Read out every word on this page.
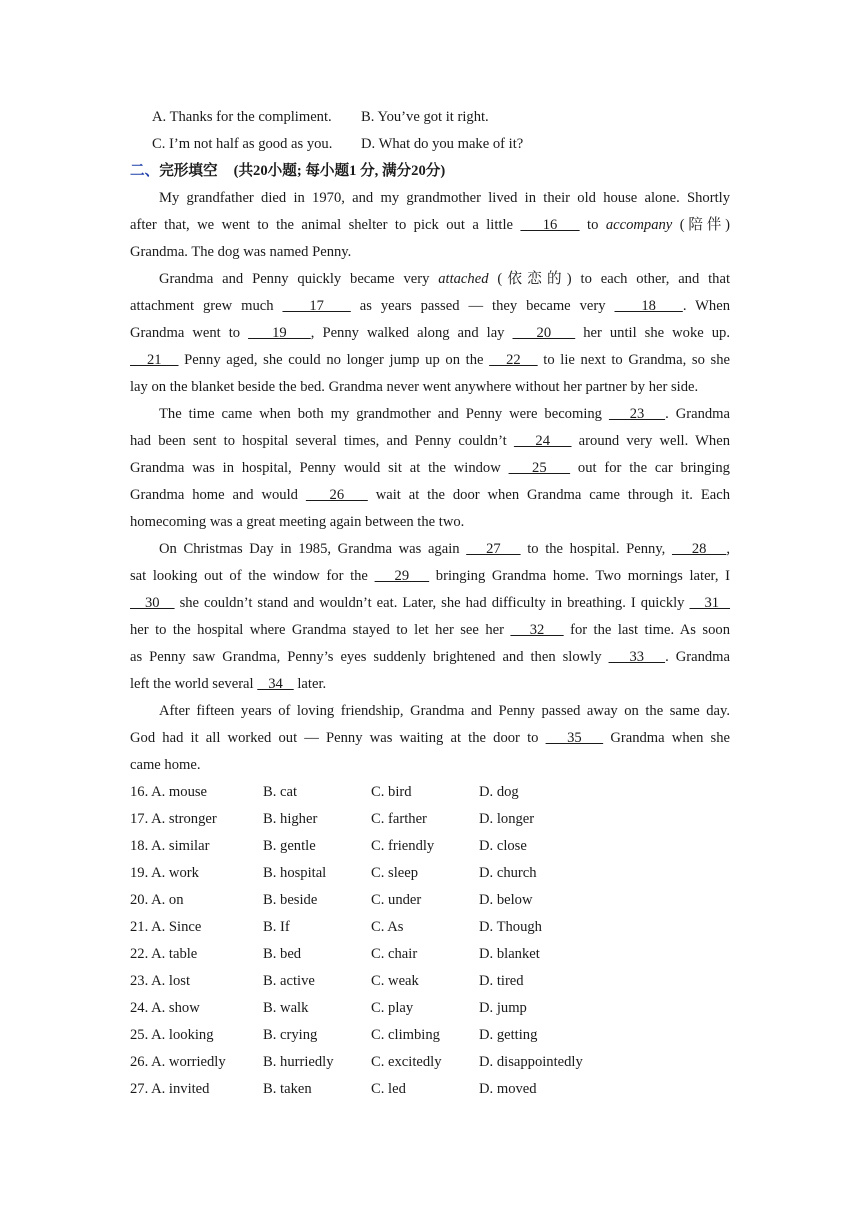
A. Thanks for the compliment. B. You’ve got it right.
C. I’m not half as good as you. D. What do you make of it?
二、完形填空 (共20小题; 每小题1 分, 满分20分)
My grandfather died in 1970, and my grandmother lived in their old house alone. Shortly
after that, we went to the animal shelter to pick out a little    16    to accompany (陪伴)
Grandma. The dog was named Penny.
Grandma and Penny quickly became very attached (依恋的) to each other, and that
attachment grew much    17    as years passed — they became very    18   . When
Grandma went to    19   , Penny walked along and lay    20    her until she woke up.
21    Penny aged, she could no longer jump up on the    22    to lie next to Grandma, so she
lay on the blanket beside the bed. Grandma never went anywhere without her partner by her side.
The time came when both my grandmother and Penny were becoming    23   . Grandma
had been sent to hospital several times, and Penny couldn’t    24    around very well. When
Grandma was in hospital, Penny would sit at the window    25    out for the car bringing
Grandma home and would    26    wait at the door when Grandma came through it. Each
homecoming was a great meeting again between the two.
On Christmas Day in 1985, Grandma was again    27    to the hospital. Penny,    28   ,
sat looking out of the window for the    29    bringing Grandma home. Two mornings later, I
30    she couldn’t stand and wouldn’t eat. Later, she had difficulty in breathing. I quickly    31
her to the hospital where Grandma stayed to let her see her    32    for the last time. As soon
as Penny saw Grandma, Penny’s eyes suddenly brightened and then slowly    33   . Grandma
left the world several    34    later.
After fifteen years of loving friendship, Grandma and Penny passed away on the same day.
God had it all worked out — Penny was waiting at the door to    35    Grandma when she
came home.
16. A. mouse	B. cat	C. bird	D. dog
17. A. stronger	B. higher	C. farther	D. longer
18. A. similar	B. gentle	C. friendly	D. close
19. A. work	B. hospital	C. sleep	D. church
20. A. on	B. beside	C. under	D. below
21. A. Since	B. If	C. As	D. Though
22. A. table	B. bed	C. chair	D. blanket
23. A. lost	B. active	C. weak	D. tired
24. A. show	B. walk	C. play	D. jump
25. A. looking	B. crying	C. climbing	D. getting
26. A. worriedly	B. hurriedly	C. excitedly	D. disappointedly
27. A. invited	B. taken	C. led	D. moved
